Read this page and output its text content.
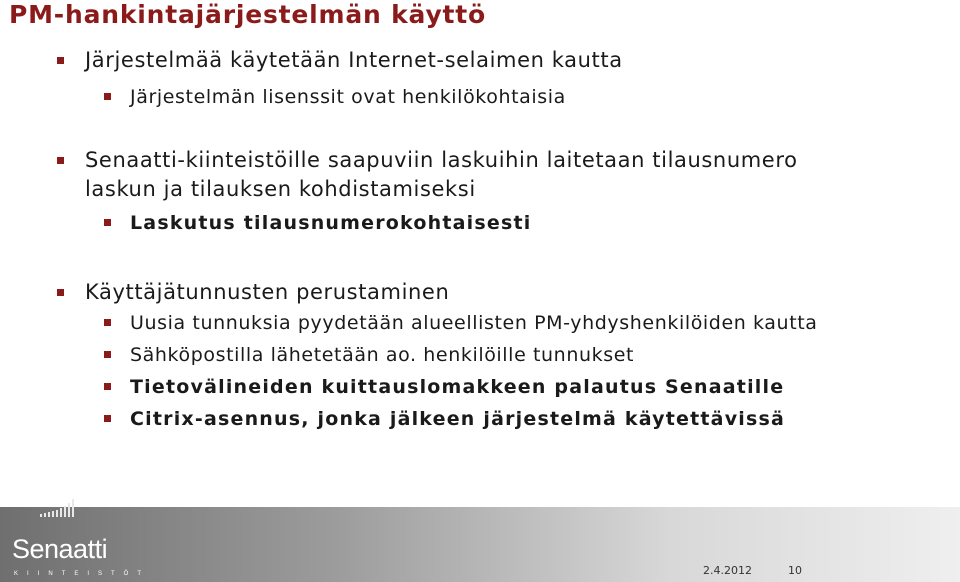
PM-hankintajärjestelmän käyttö
Järjestelmää käytetään Internet-selaimen kautta
Järjestelmän lisenssit ovat henkilökohtaisia
Senaatti-kiinteistöille saapuviin laskuihin laitetaan tilausnumero
laskun ja tilauksen kohdistamiseksi
Laskutus tilausnumerokohtaisesti
Käyttäjätunnusten perustaminen
Uusia tunnuksia pyydetään alueellisten PM-yhdyshenkilöiden kautta
Sähköpostilla lähetetään ao. henkilöille tunnukset
Tietovälineiden kuittauslomakkeen palautus Senaatille
Citrix-asennus, jonka jälkeen järjestelmä käytettävissä
Senaatti
KIINTEISTÖT	2.4.2012	10
